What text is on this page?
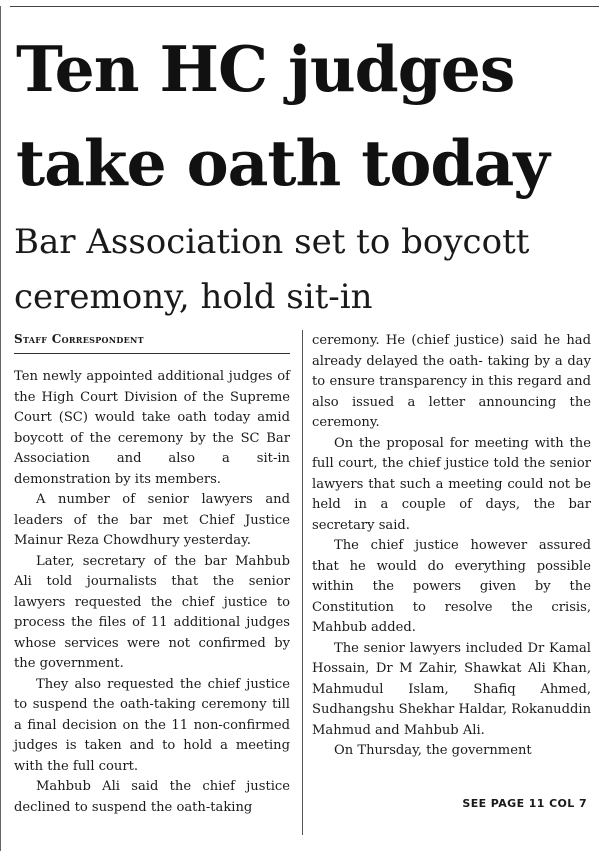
Ten HC judges
take oath today
Bar Association set to boycott
ceremony, hold sit-in
Staff Correspondent

Ten newly appointed additional judges of the High Court Division of the Supreme Court (SC) would take oath today amid boycott of the ceremony by the SC Bar Association and also a sit-in demonstration by its members.

A number of senior lawyers and leaders of the bar met Chief Justice Mainur Reza Chowdhury yesterday.

Later, secretary of the bar Mahbub Ali told journalists that the senior lawyers requested the chief justice to process the files of 11 additional judges whose services were not confirmed by the government.

They also requested the chief justice to suspend the oath-taking ceremony till a final decision on the 11 non-confirmed judges is taken and to hold a meeting with the full court.

Mahbub Ali said the chief justice declined to suspend the oath-taking

ceremony. He (chief justice) said he had already delayed the oath- taking by a day to ensure transparency in this regard and also issued a letter announcing the ceremony.

On the proposal for meeting with the full court, the chief justice told the senior lawyers that such a meeting could not be held in a couple of days, the bar secretary said.

The chief justice however assured that he would do everything possible within the powers given by the Constitution to resolve the crisis, Mahbub added.

The senior lawyers included Dr Kamal Hossain, Dr M Zahir, Shawkat Ali Khan, Mahmudul Islam, Shafiq Ahmed, Sudhangshu Shekhar Haldar, Rokanuddin Mahmud and Mahbub Ali.

On Thursday, the government

SEE PAGE 11 COL 7
